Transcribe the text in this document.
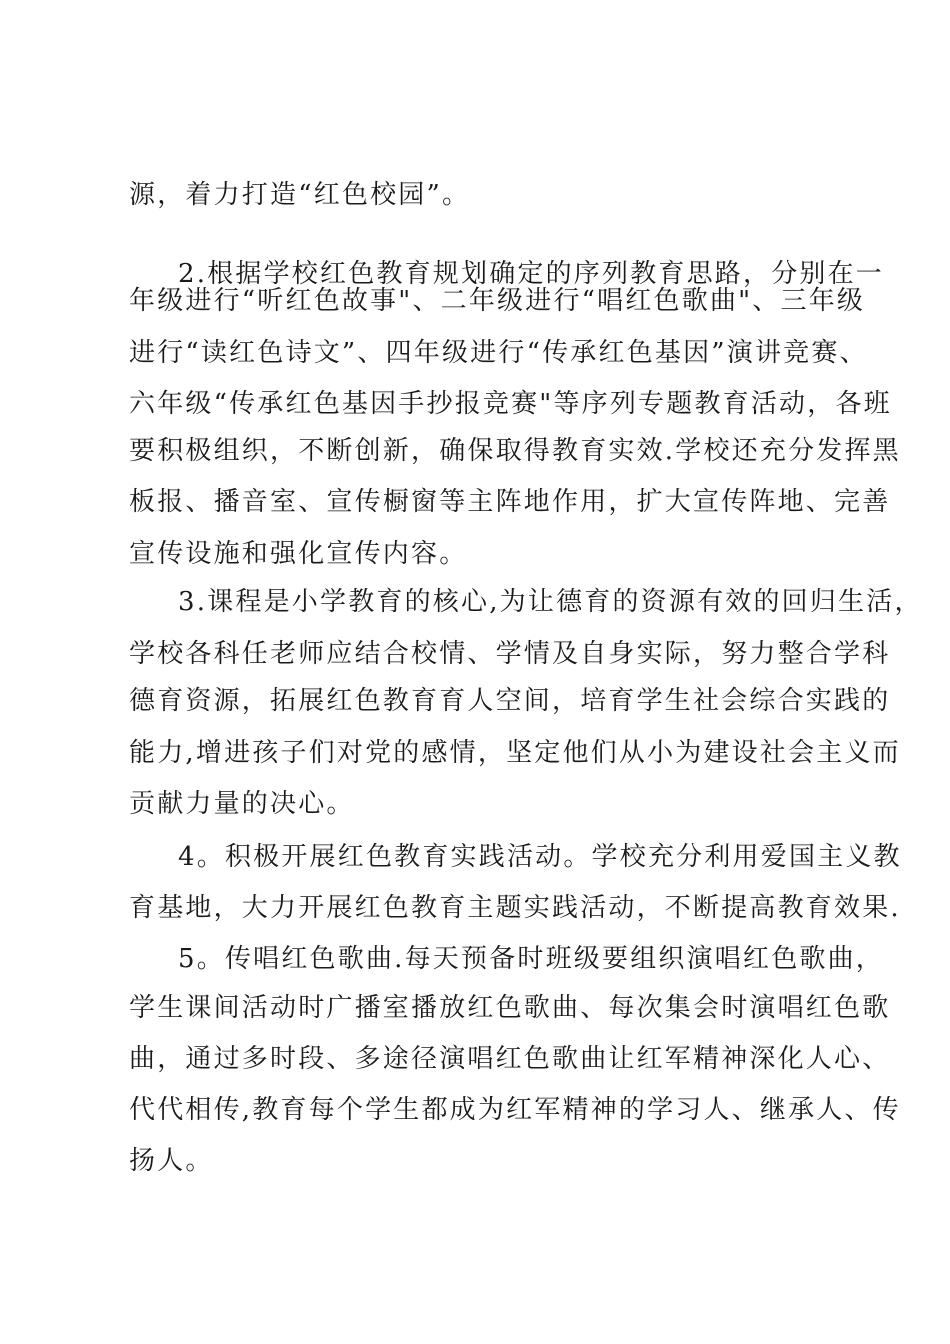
源，着力打造“红色校园”。
2.根据学校红色教育规划确定的序列教育思路，分别在一
年级进行“听红色故事"、二年级进行“唱红色歌曲"、三年级
进行“读红色诗文”、四年级进行“传承红色基因”演讲竞赛、
六年级“传承红色基因手抄报竞赛"等序列专题教育活动，各班
要积极组织，不断创新，确保取得教育实效.学校还充分发挥黑
板报、播音室、宣传橱窗等主阵地作用，扩大宣传阵地、完善
宣传设施和强化宣传内容。
3.课程是小学教育的核心,为让德育的资源有效的回归生活，
学校各科任老师应结合校情、学情及自身实际，努力整合学科
德育资源，拓展红色教育育人空间，培育学生社会综合实践的
能力,增进孩子们对党的感情，坚定他们从小为建设社会主义而
贡献力量的决心。
4。积极开展红色教育实践活动。学校充分利用爱国主义教
育基地，大力开展红色教育主题实践活动，不断提高教育效果.
5。传唱红色歌曲.每天预备时班级要组织演唱红色歌曲，
学生课间活动时广播室播放红色歌曲、每次集会时演唱红色歌
曲，通过多时段、多途径演唱红色歌曲让红军精神深化人心、
代代相传,教育每个学生都成为红军精神的学习人、继承人、传
扬人。
